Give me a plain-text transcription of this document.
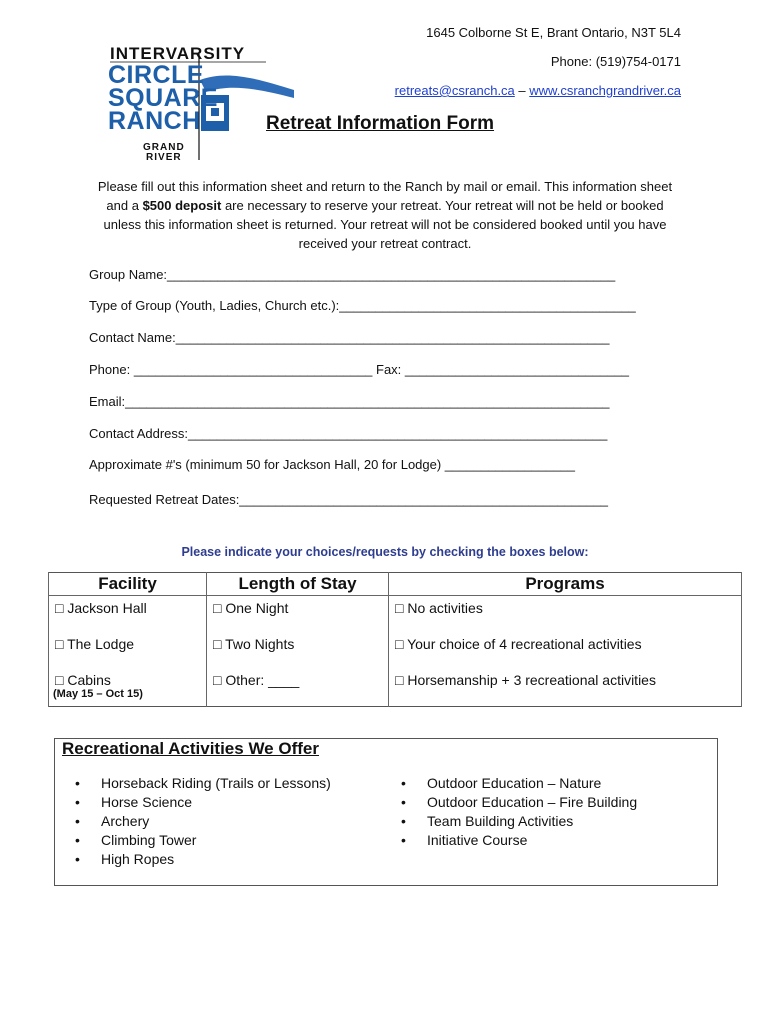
1645 Colborne St E, Brant Ontario, N3T 5L4
Phone: (519)754-0171
retreats@csranch.ca – www.csranchgrandriver.ca
INTERVARSITY
CIRCLE
SQUARE
RANCH
GRAND
RIVER
Retreat Information Form
Please fill out this information sheet and return to the Ranch by mail or email. This information sheet and a $500 deposit are necessary to reserve your retreat. Your retreat will not be held or booked unless this information sheet is returned. Your retreat will not be considered booked until you have received your retreat contract.
Group Name:______________________________________________________________
Type of Group (Youth, Ladies, Church etc.):_________________________________________
Contact Name:____________________________________________________________
Phone: _________________________________ Fax: _______________________________
Email:___________________________________________________________________
Contact Address:__________________________________________________________
Approximate #'s (minimum 50 for Jackson Hall, 20 for Lodge) __________________
Requested Retreat Dates:___________________________________________________
Please indicate your choices/requests by checking the boxes below:
Facility	Length of Stay	Programs
□ Jackson Hall	□ One Night	□ No activities
□ The Lodge	□ Two Nights	□ Your choice of 4 recreational activities
□ Cabins
(May 15 – Oct 15)	□ Other: ____	□ Horsemanship + 3 recreational activities
Recreational Activities We Offer
• Horseback Riding (Trails or Lessons)
• Horse Science
• Archery
• Climbing Tower
• High Ropes
• Outdoor Education – Nature
• Outdoor Education – Fire Building
• Team Building Activities
• Initiative Course
